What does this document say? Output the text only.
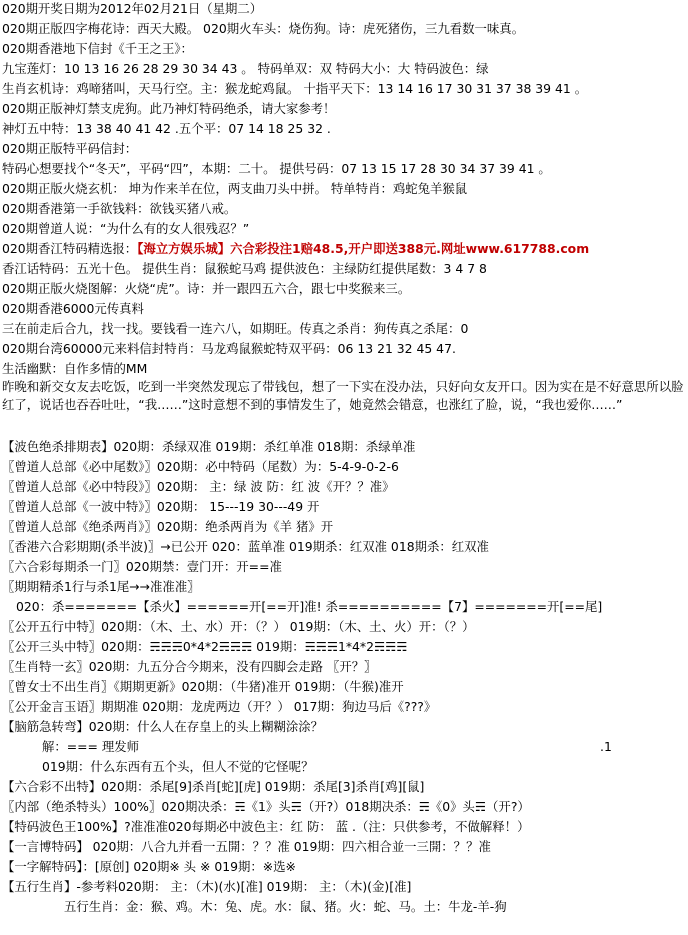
020期开奖日期为2012年02月21日（星期二）
020期正版四字梅花诗：西天大殿。 020期火车头：烧伤狗。诗：虎死猪伤，三九看数一味真。
020期香港地下信封《千王之王》：
九宝莲灯：10 13 16 26 28 29 30 34 43 。 特码单双：双 特码大小：大 特码波色：绿
生肖玄机诗：鸡啼猪叫，天马行空。主：猴龙蛇鸡鼠。 十指平天下：13 14 16 17 30 31 37 38 39 41 。
020期正版神灯禁支虎狗。此乃神灯特码绝杀，请大家参考！
神灯五中特：13 38 40 41 42 .五个平：07 14 18 25 32 .
020期正版特平码信封：
特码心想要找个“冬天”，平码“四”，本期：二十。 提供号码：07 13 15 17 28 30 34 37 39 41 。
020期正版火烧玄机： 坤为作来羊在位，两支曲刀头中拼。 特单特肖：鸡蛇兔羊猴鼠
020期香港第一手欲钱料：欲钱买猪八戒。
020期曾道人说：“为什么有的女人很残忍？”
020期香江特码精选报：【海立方娱乐城】六合彩投注1赔48.5,开户即送388元.网址www.617788.com
香江话特码：五光十色。 提供生肖：鼠猴蛇马鸡 提供波色：主绿防红提供尾数：3 4 7 8
020期正版火烧图解：火烧“虎”。诗：并一跟四五六合，跟七中奖猴来三。
020期香港6000元传真料
三在前走后合九，找一找。要钱看一连六八，如期旺。传真之杀肖：狗传真之杀尾：0
020期台湾60000元来料信封特肖：马龙鸡鼠猴蛇特双平码：06 13 21 32 45 47.
生活幽默：自作多情的MM
昨晚和新交女友去吃饭，吃到一半突然发现忘了带钱包，想了一下实在没办法，只好向女友开口。因为实在是不好意思所以脸红了，说话也吞吞吐吐，“我……”这时意想不到的事情发生了，她竟然会错意，也涨红了脸，说，“我也爱你……”
【波色绝杀排期表】020期：杀绿双准 019期：杀红单准 018期：杀绿单准
〖曾道人总部《必中尾数》〗020期：必中特码（尾数）为：5-4-9-0-2-6
〖曾道人总部《必中特段》〗020期： 主：绿 波 防：红 波《开？？准》
〖曾道人总部《一波中特》〗020期： 15---19 30---49 开
〖曾道人总部《绝杀两肖》〗020期：绝杀两肖为《羊 猪》开
〖香港六合彩期期(杀半波)〗→已公开 020：蓝单准 019期杀：红双准 018期杀：红双准
〖六合彩每期杀一门〗020期禁：壹门开：开==准
〖期期精杀1行与杀1尾→→准准准〗
020：杀=======【杀火】======开[==开]准! 杀==========【7】=======开[==尾]
〖公开五行中特〗020期：（木、土、水）开：（？） 019期：（木、土、火）开：（？）
〖公开三头中特〗020期：☴☴☴0*4*2☴☴☴ 019期：☴☴☴1*4*2☴☴☴
〖生肖特一玄〗020期：九五分合今期来，没有四脚会走路 〖开？〗
〖曾女士不出生肖〗《期期更新》020期：（牛猪)准开 019期：（牛猴)准开
〖公开金言玉语〗期期准 020期：龙虎两边（开？） 017期：狗边马后《???》
【脑筋急转弯】020期：什么人在存皇上的头上糊糊涂涂？
解：=== 理发师	.1
019期：什么东西有五个头，但人不觉的它怪呢？
【六合彩不出特】020期：杀尾[9]杀肖[蛇][虎] 019期：杀尾[3]杀肖[鸡][鼠]
〖内部（绝杀特头）100%〗020期决杀：☴《1》头☴（开?）018期决杀：☴《0》头☴（开?）
【特码波色王100%】?准准准020每期必中波色主：红 防： 蓝 .（注：只供参考，不做解释！）
【一言博特码】 020期：八合九并看一五開：？？准 019期：四六相合並一三開：？？准
【一字解特码】：[原创] 020期※ 头 ※ 019期：※选※
【五行生肖】-参考料020期： 主：（木)(水)[准] 019期： 主：（木)(金)[准]
五行生肖：金：猴、鸡。木：兔、虎。水：鼠、猪。火：蛇、马。土：牛龙-羊-狗
